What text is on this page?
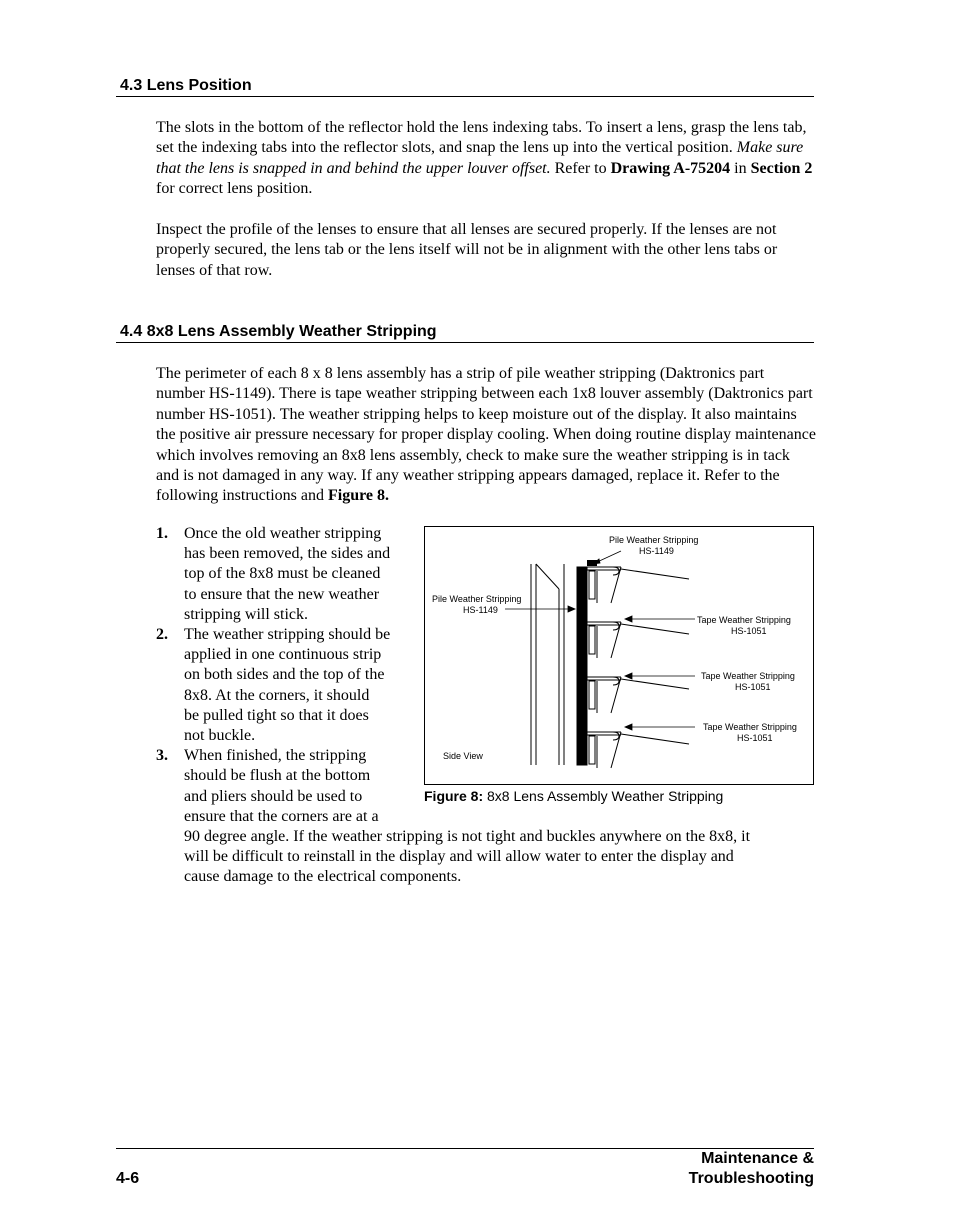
4.3 Lens Position
The slots in the bottom of the reflector hold the lens indexing tabs. To insert a lens, grasp the lens tab, set the indexing tabs into the reflector slots, and snap the lens up into the vertical position. Make sure that the lens is snapped in and behind the upper louver offset. Refer to Drawing A-75204 in Section 2 for correct lens position.
Inspect the profile of the lenses to ensure that all lenses are secured properly. If the lenses are not properly secured, the lens tab or the lens itself will not be in alignment with the other lens tabs or lenses of that row.
4.4 8x8 Lens Assembly Weather Stripping
The perimeter of each 8 x 8 lens assembly has a strip of pile weather stripping (Daktronics part number HS-1149). There is tape weather stripping between each 1x8 louver assembly (Daktronics part number HS-1051). The weather stripping helps to keep moisture out of the display. It also maintains the positive air pressure necessary for proper display cooling. When doing routine display maintenance which involves removing an 8x8 lens assembly, check to make sure the weather stripping is in tack and is not damaged in any way. If any weather stripping appears damaged, replace it. Refer to the following instructions and Figure 8.
1. Once the old weather stripping
has been removed, the sides and
top of the 8x8 must be cleaned
to ensure that the new weather
stripping will stick.
2. The weather stripping should be
applied in one continuous strip
on both sides and the top of the
8x8. At the corners, it should
be pulled tight so that it does
not buckle.
3. When finished, the stripping
should be flush at the bottom
and pliers should be used to
ensure that the corners are at a
90 degree angle. If the weather stripping is not tight and buckles anywhere on the 8x8, it
will be difficult to reinstall in the display and will allow water to enter the display and
cause damage to the electrical components.
Pile Weather Stripping
HS-1149
Pile Weather Stripping
HS-1149
Tape Weather Stripping
HS-1051
Tape Weather Stripping
HS-1051
Tape Weather Stripping
HS-1051
Side View
Figure 8: 8x8 Lens Assembly Weather Stripping
4-6
Maintenance &
Troubleshooting
